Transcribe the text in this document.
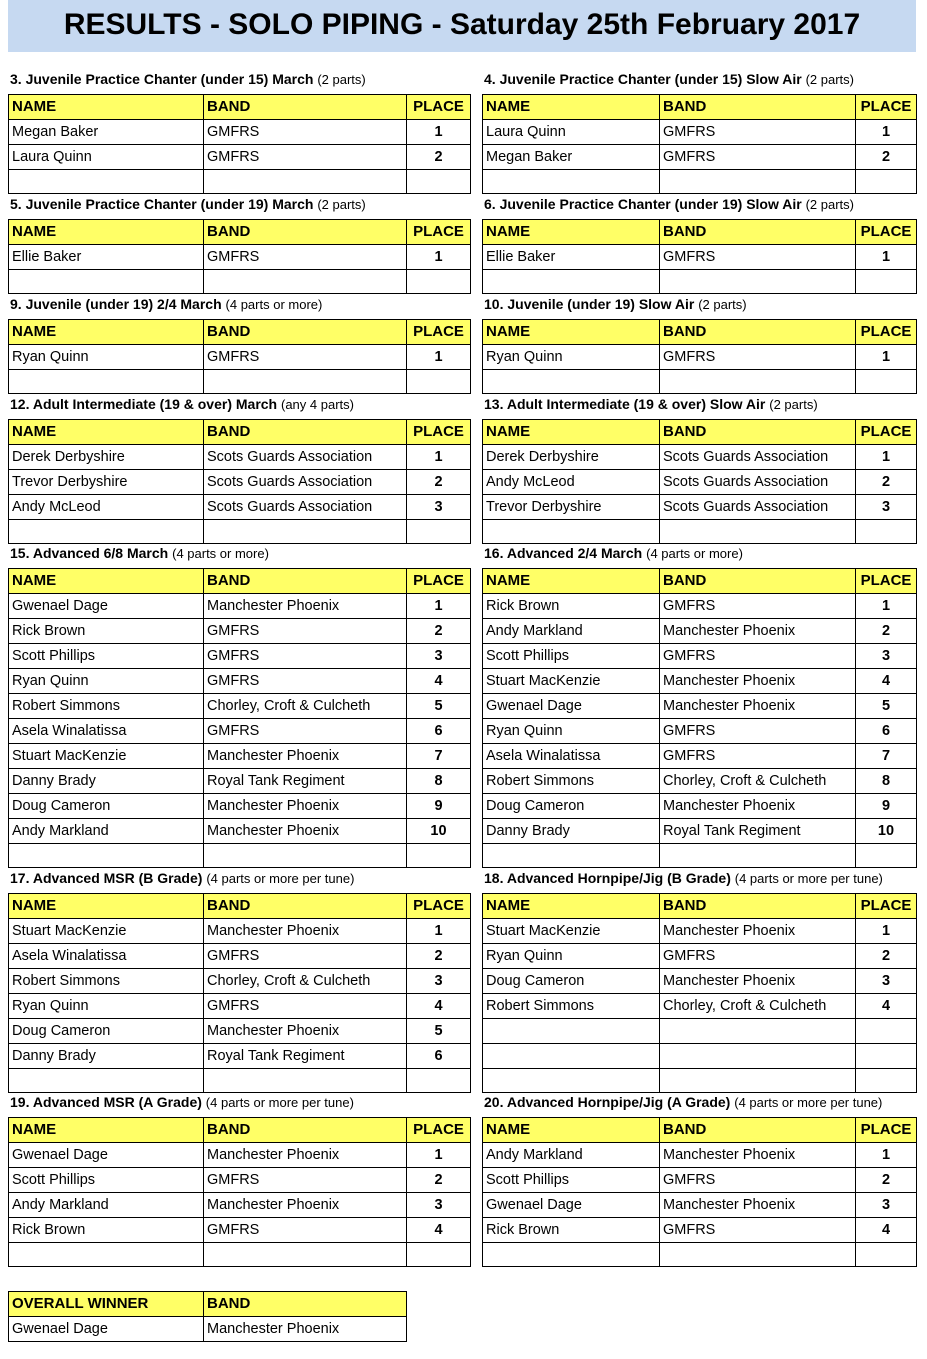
RESULTS - SOLO PIPING - Saturday 25th February 2017
3. Juvenile Practice Chanter (under 15) March (2 parts)
NAME	BAND	PLACE
Megan Baker	GMFRS	1
Laura Quinn	GMFRS	2

4. Juvenile Practice Chanter (under 15) Slow Air (2 parts)
NAME	BAND	PLACE
Laura Quinn	GMFRS	1
Megan Baker	GMFRS	2

5. Juvenile Practice Chanter (under 19) March (2 parts)
NAME	BAND	PLACE
Ellie Baker	GMFRS	1

6. Juvenile Practice Chanter (under 19) Slow Air (2 parts)
NAME	BAND	PLACE
Ellie Baker	GMFRS	1

9. Juvenile (under 19) 2/4 March (4 parts or more)
NAME	BAND	PLACE
Ryan Quinn	GMFRS	1

10. Juvenile (under 19) Slow Air (2 parts)
NAME	BAND	PLACE
Ryan Quinn	GMFRS	1

12. Adult Intermediate (19 & over) March (any 4 parts)
NAME	BAND	PLACE
Derek Derbyshire	Scots Guards Association	1
Trevor Derbyshire	Scots Guards Association	2
Andy McLeod	Scots Guards Association	3

13. Adult Intermediate (19 & over) Slow Air (2 parts)
NAME	BAND	PLACE
Derek Derbyshire	Scots Guards Association	1
Andy McLeod	Scots Guards Association	2
Trevor Derbyshire	Scots Guards Association	3

15. Advanced 6/8 March (4 parts or more)
NAME	BAND	PLACE
Gwenael Dage	Manchester Phoenix	1
Rick Brown	GMFRS	2
Scott Phillips	GMFRS	3
Ryan Quinn	GMFRS	4
Robert Simmons	Chorley, Croft & Culcheth	5
Asela Winalatissa	GMFRS	6
Stuart MacKenzie	Manchester Phoenix	7
Danny Brady	Royal Tank Regiment	8
Doug Cameron	Manchester Phoenix	9
Andy Markland	Manchester Phoenix	10

16. Advanced 2/4 March (4 parts or more)
NAME	BAND	PLACE
Rick Brown	GMFRS	1
Andy Markland	Manchester Phoenix	2
Scott Phillips	GMFRS	3
Stuart MacKenzie	Manchester Phoenix	4
Gwenael Dage	Manchester Phoenix	5
Ryan Quinn	GMFRS	6
Asela Winalatissa	GMFRS	7
Robert Simmons	Chorley, Croft & Culcheth	8
Doug Cameron	Manchester Phoenix	9
Danny Brady	Royal Tank Regiment	10

17. Advanced MSR (B Grade) (4 parts or more per tune)
NAME	BAND	PLACE
Stuart MacKenzie	Manchester Phoenix	1
Asela Winalatissa	GMFRS	2
Robert Simmons	Chorley, Croft & Culcheth	3
Ryan Quinn	GMFRS	4
Doug Cameron	Manchester Phoenix	5
Danny Brady	Royal Tank Regiment	6

18. Advanced Hornpipe/Jig (B Grade) (4 parts or more per tune)
NAME	BAND	PLACE
Stuart MacKenzie	Manchester Phoenix	1
Ryan Quinn	GMFRS	2
Doug Cameron	Manchester Phoenix	3
Robert Simmons	Chorley, Croft & Culcheth	4

19. Advanced MSR (A Grade) (4 parts or more per tune)
NAME	BAND	PLACE
Gwenael Dage	Manchester Phoenix	1
Scott Phillips	GMFRS	2
Andy Markland	Manchester Phoenix	3
Rick Brown	GMFRS	4

20. Advanced Hornpipe/Jig (A Grade) (4 parts or more per tune)
NAME	BAND	PLACE
Andy Markland	Manchester Phoenix	1
Scott Phillips	GMFRS	2
Gwenael Dage	Manchester Phoenix	3
Rick Brown	GMFRS	4

OVERALL WINNER	BAND
Gwenael Dage	Manchester Phoenix
